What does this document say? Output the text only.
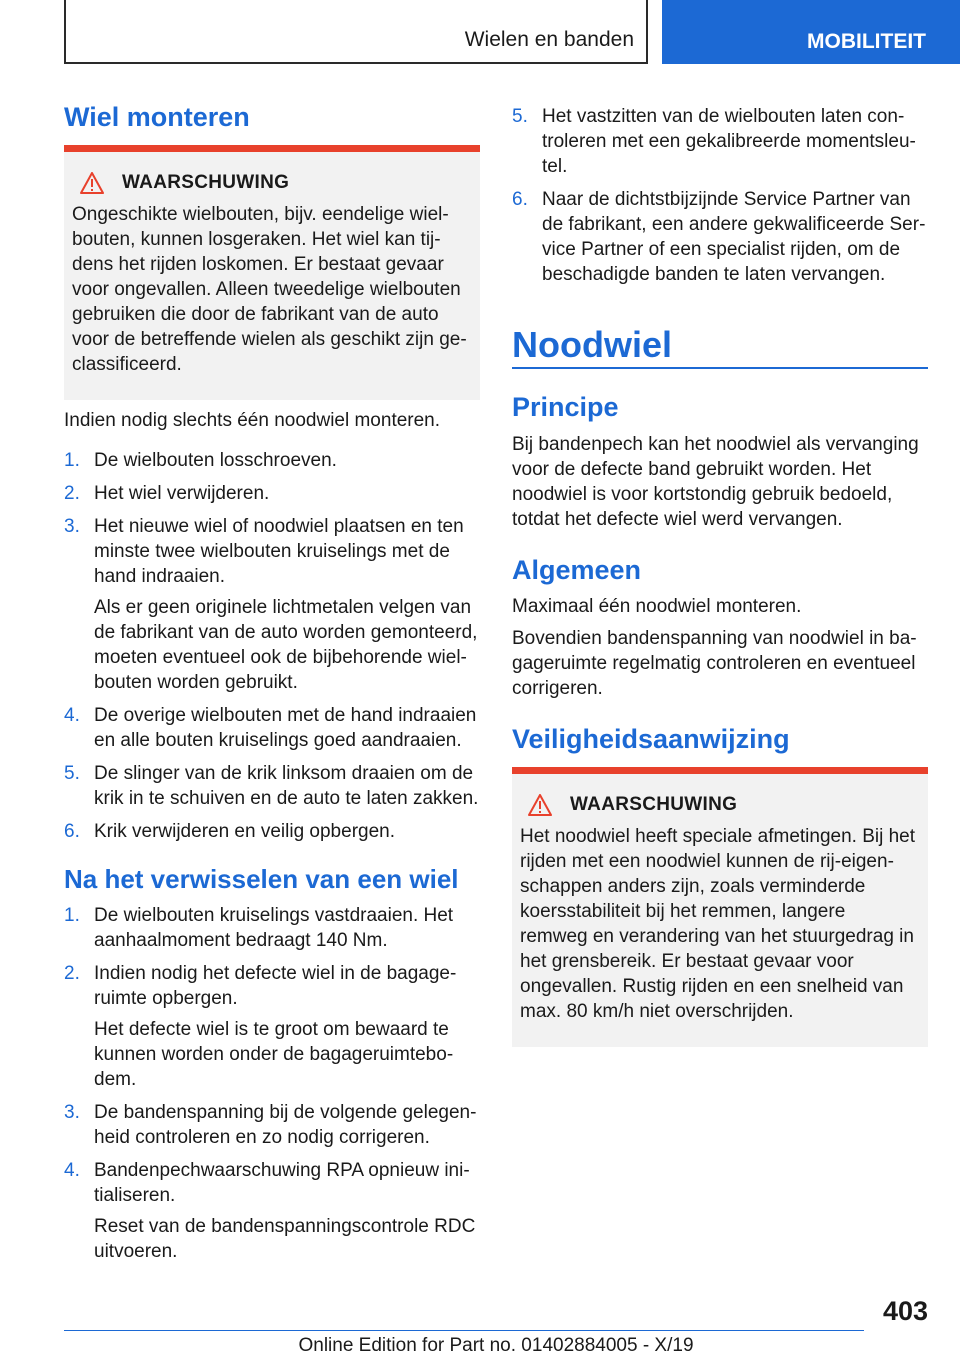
Wielen en banden	MOBILITEIT
Wiel monteren
WAARSCHUWING
Ongeschikte wielbouten, bijv. eendelige wielbouten, kunnen losgeraken. Het wiel kan tijdens het rijden loskomen. Er bestaat gevaar voor ongevallen. Alleen tweedelige wielbouten gebruiken die door de fabrikant van de auto voor de betreffende wielen als geschikt zijn geclassificeerd.
Indien nodig slechts één noodwiel monteren.
1. De wielbouten losschroeven.
2. Het wiel verwijderen.
3. Het nieuwe wiel of noodwiel plaatsen en ten minste twee wielbouten kruiselings met de hand indraaien.
Als er geen originele lichtmetalen velgen van de fabrikant van de auto worden gemonteerd, moeten eventueel ook de bijbehorende wielbouten worden gebruikt.
4. De overige wielbouten met de hand indraaien en alle bouten kruiselings goed aandraaien.
5. De slinger van de krik linksom draaien om de krik in te schuiven en de auto te laten zakken.
6. Krik verwijderen en veilig opbergen.
Na het verwisselen van een wiel
1. De wielbouten kruiselings vastdraaien. Het aanhaalmoment bedraagt 140 Nm.
2. Indien nodig het defecte wiel in de bagageruimte opbergen.
Het defecte wiel is te groot om bewaard te kunnen worden onder de bagageruimtebodem.
3. De bandenspanning bij de volgende gelegenheid controleren en zo nodig corrigeren.
4. Bandenpechwaarschuwing RPA opnieuw initialiseren.
Reset van de bandenspanningscontrole RDC uitvoeren.
5. Het vastzitten van de wielbouten laten controleren met een gekalibreerde momentsleutel.
6. Naar de dichtstbijzijnde Service Partner van de fabrikant, een andere gekwalificeerde Service Partner of een specialist rijden, om de beschadigde banden te laten vervangen.
Noodwiel
Principe
Bij bandenpech kan het noodwiel als vervanging voor de defecte band gebruikt worden. Het noodwiel is voor kortstondig gebruik bedoeld, totdat het defecte wiel werd vervangen.
Algemeen
Maximaal één noodwiel monteren.
Bovendien bandenspanning van noodwiel in bagageruimte regelmatig controleren en eventueel corrigeren.
Veiligheidsaanwijzing
WAARSCHUWING
Het noodwiel heeft speciale afmetingen. Bij het rijden met een noodwiel kunnen de rij-eigenschappen anders zijn, zoals verminderde koersstabiliteit bij het remmen, langere remweg en verandering van het stuurgedrag in het grensbereik. Er bestaat gevaar voor ongevallen. Rustig rijden en een snelheid van max. 80 km/h niet overschrijden.
403
Online Edition for Part no. 01402884005 - X/19
